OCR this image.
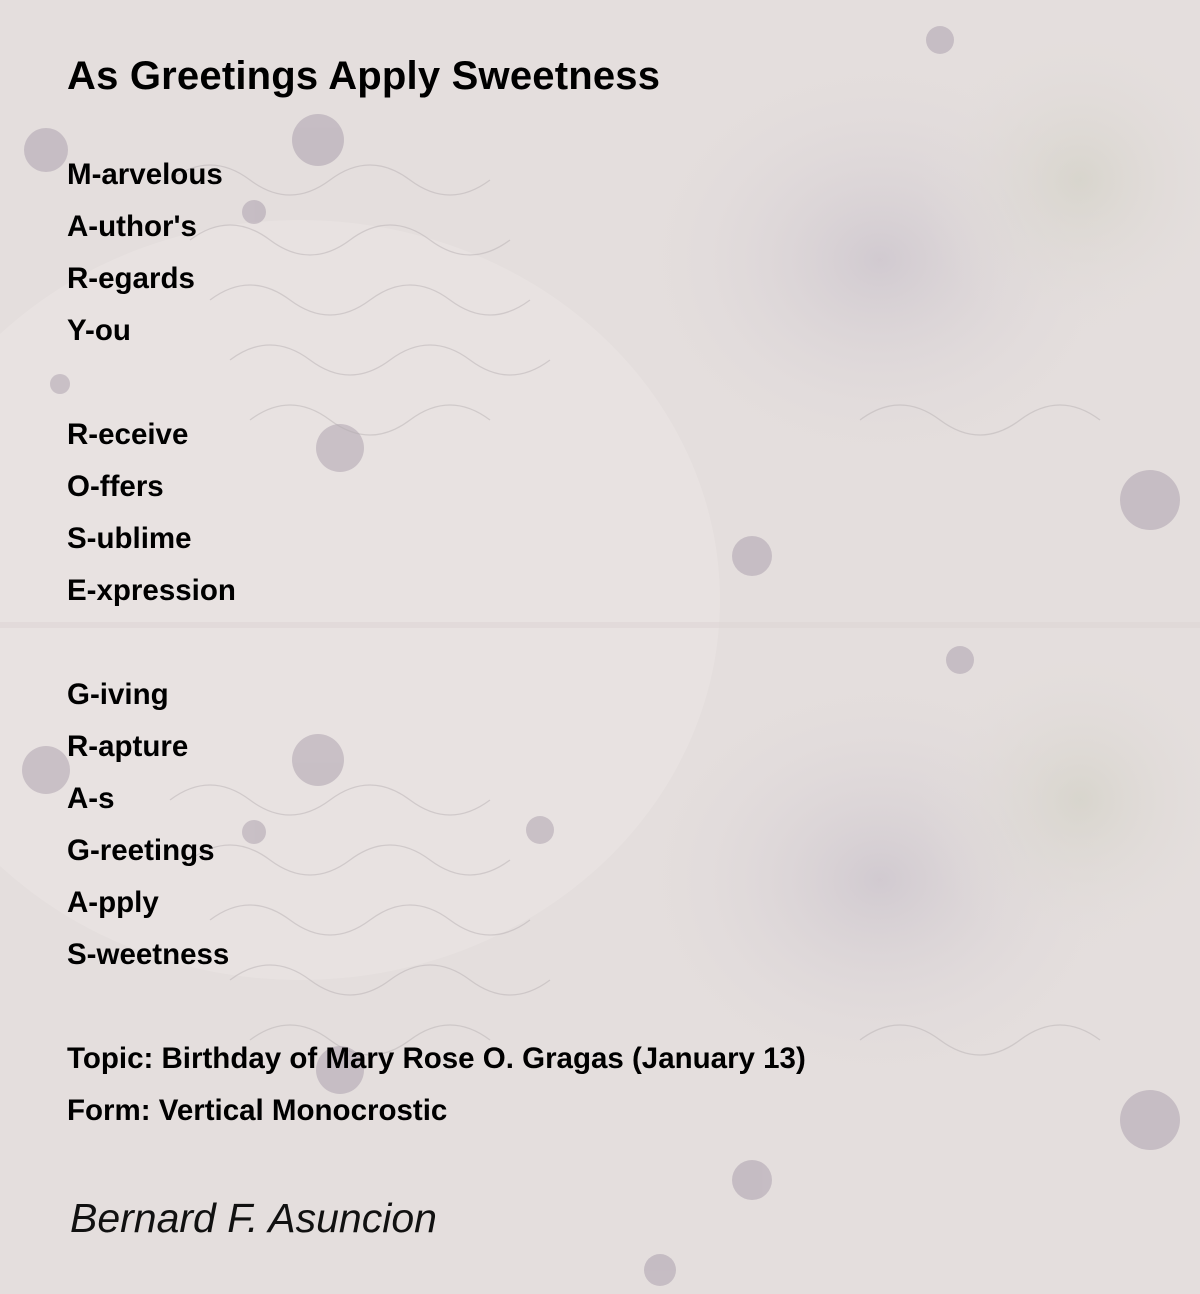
As Greetings Apply Sweetness
M-arvelous
A-uthor's
R-egards
Y-ou
R-eceive
O-ffers
S-ublime
E-xpression
G-iving
R-apture
A-s
G-reetings
A-pply
S-weetness
Topic: Birthday of Mary Rose O. Gragas (January 13)
Form: Vertical Monocrostic
Bernard F. Asuncion
